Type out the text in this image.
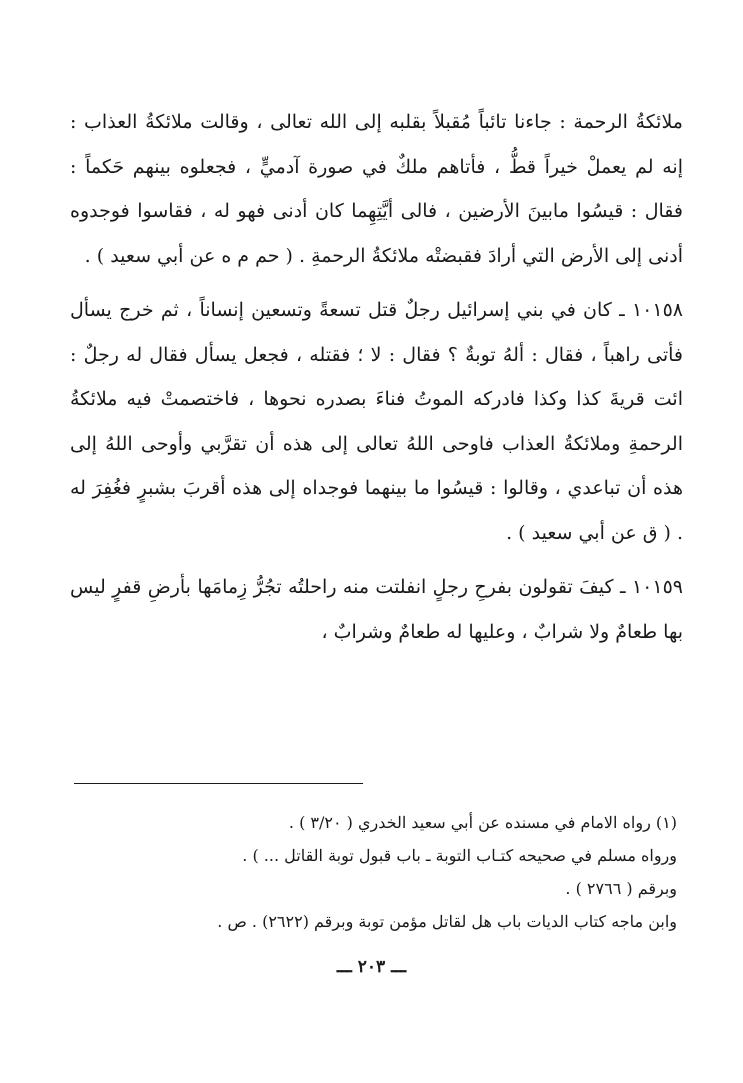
ملائكةُ الرحمة : جاءنا تائباً مُقبلاً بقلبه إلى الله تعالى ، وقالت ملائكةُ العذاب : إنه لم يعملْ خيراً قطُّ ، فأتاهم ملكٌ في صورة آدميٍّ ، فجعلوه بينهم حَكماً : فقال : قيسُوا مابينَ الأرضين ، فالى أيَّتِهِما كان أدنى فهو له ، فقاسوا فوجدوه أدنى إلى الأرض التي أرادَ فقبضتْه ملائكةُ الرحمةِ . ( حم م ه عن أبي سعيد ) .

١٠١٥٨ ـ كان في بني إسرائيل رجلٌ قتل تسعةً وتسعين إنساناً ، ثم خرج يسأل فأتى راهباً ، فقال : ألهُ توبةٌ ؟ فقال : لا ؛ فقتله ، فجعل يسأل فقال له رجلٌ : ائت قريةَ كذا وكذا فادركه الموتُ فناءَ بصدره نحوها ، فاختصمتْ فيه ملائكةُ الرحمةِ وملائكةُ العذاب فاوحى اللهُ تعالى إلى هذه أن تقرَّبي وأوحى اللهُ إلى هذه أن تباعدي ، وقالوا : قيسُوا ما بينهما فوجداه إلى هذه أقربَ بشبرٍ فغُفِرَ له . ( ق عن أبي سعيد ) .

١٠١٥٩ ـ كيفَ تقولون بفرحِ رجلٍ انفلتت منه راحلتُه تجُرُّ زِمامَها بأرضِ قفرٍ ليس بها طعامٌ ولا شرابٌ ، وعليها له طعامٌ وشرابٌ ،

(١) رواه الامام في مسنده عن أبي سعيد الخدري ( ٣/٢٠ ) .
ورواه مسلم في صحيحه كتـاب التوبة ـ باب قبول توبة القاتل ... ) .
وبرقم ( ٢٧٦٦ ) .
وابن ماجه كتاب الديات باب هل لقاتل مؤمن توبة وبرقم (٢٦٢٢) . ص .
ـــ ٢٠٣ ـــ
